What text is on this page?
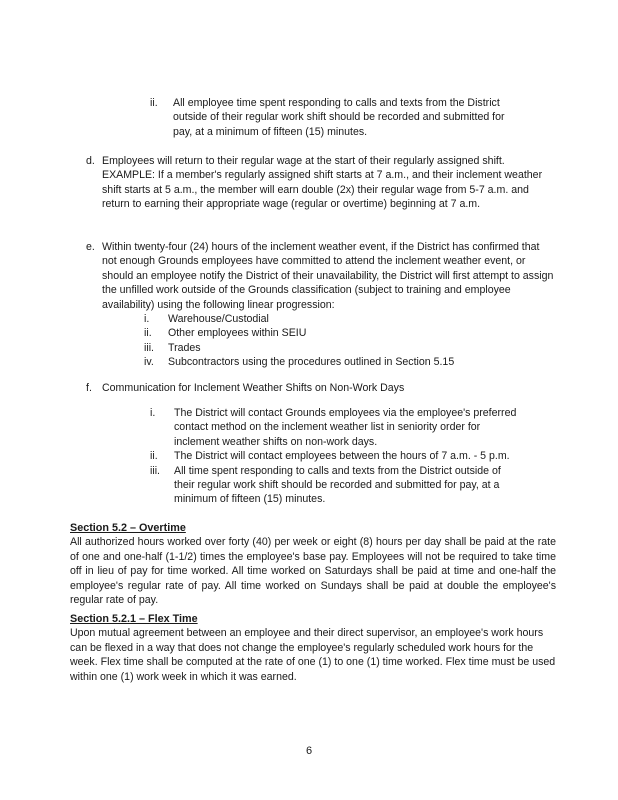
ii.	All employee time spent responding to calls and texts from the District outside of their regular work shift should be recorded and submitted for pay, at a minimum of fifteen (15) minutes.
d. Employees will return to their regular wage at the start of their regularly assigned shift. EXAMPLE: If a member's regularly assigned shift starts at 7 a.m., and their inclement weather shift starts at 5 a.m., the member will earn double (2x) their regular wage from 5-7 a.m. and return to earning their appropriate wage (regular or overtime) beginning at 7 a.m.
e. Within twenty-four (24) hours of the inclement weather event, if the District has confirmed that not enough Grounds employees have committed to attend the inclement weather event, or should an employee notify the District of their unavailability, the District will first attempt to assign the unfilled work outside of the Grounds classification (subject to training and employee availability) using the following linear progression:
i.	Warehouse/Custodial
ii.	Other employees within SEIU
iii.	Trades
iv.	Subcontractors using the procedures outlined in Section 5.15
f. Communication for Inclement Weather Shifts on Non-Work Days
i.	The District will contact Grounds employees via the employee's preferred contact method on the inclement weather list in seniority order for inclement weather shifts on non-work days.
ii.	The District will contact employees between the hours of 7 a.m. - 5 p.m.
iii.	All time spent responding to calls and texts from the District outside of their regular work shift should be recorded and submitted for pay, at a minimum of fifteen (15) minutes.
Section 5.2 – Overtime

All authorized hours worked over forty (40) per week or eight (8) hours per day shall be paid at the rate of one and one-half (1-1/2) times the employee's base pay. Employees will not be required to take time off in lieu of pay for time worked. All time worked on Saturdays shall be paid at time and one-half the employee's regular rate of pay. All time worked on Sundays shall be paid at double the employee's regular rate of pay.

Section 5.2.1 – Flex Time

Upon mutual agreement between an employee and their direct supervisor, an employee's work hours can be flexed in a way that does not change the employee's regularly scheduled work hours for the week. Flex time shall be computed at the rate of one (1) to one (1) time worked. Flex time must be used within one (1) work week in which it was earned.

6
